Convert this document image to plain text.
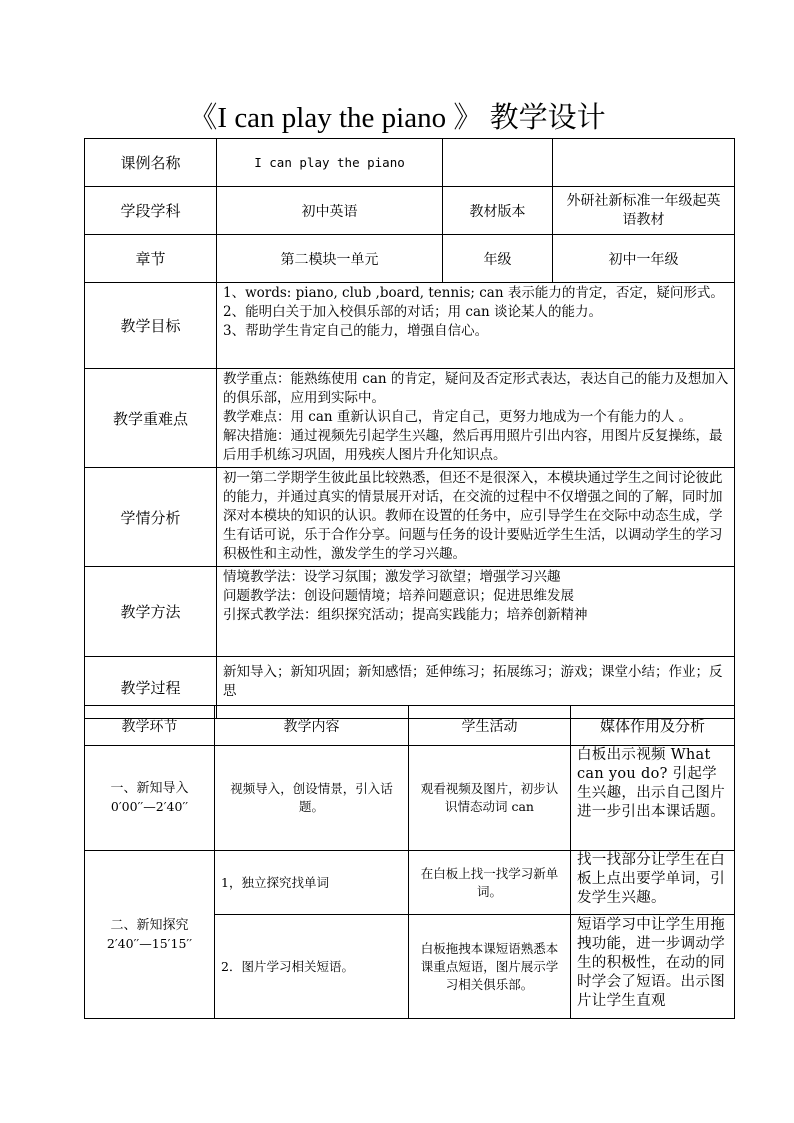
《I can play the piano 》 教学设计
课例名称	I can play the piano		
学段学科	初中英语	教材版本	外研社新标准一年级起英语教材
章节	第二模块一单元	年级	初中一年级
教学目标	1、words: piano, club ,board, tennis; can 表示能力的肯定，否定，疑问形式。
2、能明白关于加入校俱乐部的对话；用 can 谈论某人的能力。
3、帮助学生肯定自己的能力，增强自信心。		

教学重难点	教学重点：能熟练使用 can 的肯定，疑问及否定形式表达，表达自己的能力及想加入的俱乐部，应用到实际中。
教学难点：用 can 重新认识自己，肯定自己，更努力地成为一个有能力的人 。
解决措施：通过视频先引起学生兴趣，然后再用照片引出内容，用图片反复操练，最后用手机练习巩固，用残疾人图片升化知识点。		

学情分析	初一第二学期学生彼此虽比较熟悉，但还不是很深入，本模块通过学生之间讨论彼此的能力，并通过真实的情景展开对话，在交流的过程中不仅增强之间的了解，同时加深对本模块的知识的认识。教师在设置的任务中，应引导学生在交际中动态生成，学生有话可说，乐于合作分享。问题与任务的设计要贴近学生生活，以调动学生的学习积极性和主动性，激发学生的学习兴趣。		
教学方法	情境教学法：设学习氛围；激发学习欲望；增强学习兴趣
问题教学法：创设问题情境；培养问题意识；促进思维发展
引探式教学法：组织探究活动；提高实践能力；培养创新精神		

教学过程	新知导入；新知巩固；新知感悟；延伸练习；拓展练习；游戏；课堂小结；作业；反思		
教学环节	教学内容	学生活动	媒体作用及分析

一、新知导入
0′00′′—2′40′′	视频导入，创设情景，引入话题。	观看视频及图片，初步认识情态动词 can	白板出示视频 What can you do? 引起学生兴趣，出示自己图片进一步引出本课话题。

二、新知探究
2′40′′—15′15′′	1，独立探究找单词	在白板上找一找学习新单词。	找一找部分让学生在白板上点出要学单词，引发学生兴趣。
	2．图片学习相关短语。	白板拖拽本课短语熟悉本课重点短语，图片展示学习相关俱乐部。	短语学习中让学生用拖拽功能，进一步调动学生的积极性，在动的同时学会了短语。出示图片让学生直观
